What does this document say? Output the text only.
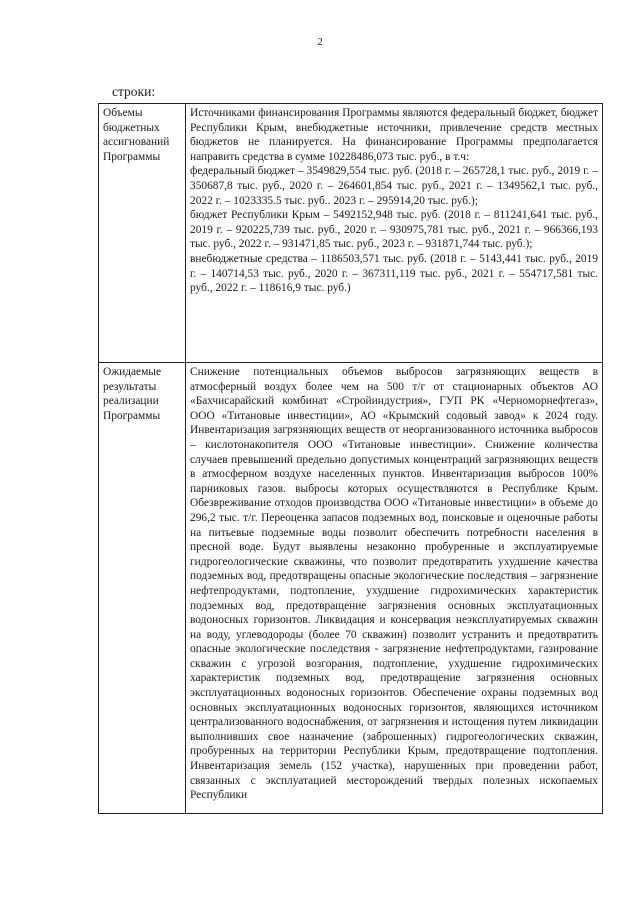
2
строки:
Объемы бюджетных ассигнований Программы	Источниками финансирования Программы являются федеральный бюджет, бюджет Республики Крым, внебюджетные источники, привлечение средств местных бюджетов не планируется. На финансирование Программы предполагается направить средства в сумме 10228486,073 тыс. руб., в т.ч:

федеральный бюджет – 3549829,554 тыс. руб. (2018 г. – 265728,1 тыс. руб., 2019 г. – 350687,8 тыс. руб., 2020 г. – 264601,854 тыс. руб., 2021 г. – 1349562,1 тыс. руб., 2022 г. – 1023335.5 тыс. руб.. 2023 г. – 295914,20 тыс. руб.);

бюджет Республики Крым – 5492152,948 тыс. руб. (2018 г. – 811241,641 тыс. руб., 2019 г. – 920225,739 тыс. руб., 2020 г. – 930975,781 тыс. руб., 2021 г. – 966366,193 тыс. руб., 2022 г. – 931471,85 тыс. руб., 2023 г. – 931871,744 тыс. руб.);

внебюджетные средства – 1186503,571 тыс. руб. (2018 г. – 5143,441 тыс. руб., 2019 г. – 140714,53 тыс. руб., 2020 г. – 367311,119 тыс. руб., 2021 г. – 554717,581 тыс. руб., 2022 г. – 118616,9 тыс. руб.)

Ожидаемые результаты реализации Программы	Снижение потенциальных объемов выбросов загрязняющих веществ в атмосферный воздух более чем на 500 т/г от стационарных объектов АО «Бахчисарайский комбинат «Стройиндустрия», ГУП РК «Черноморнефтегаз», ООО «Титановые инвестиции», АО «Крымский содовый завод» к 2024 году. Инвентаризация загрязняющих веществ от неорганизованного источника выбросов – кислотонакопителя ООО «Титановые инвестиции». Снижение количества случаев превышений предельно допустимых концентраций загрязняющих веществ в атмосферном воздухе населенных пунктов. Инвентаризация выбросов 100% парниковых газов. выбросы которых осуществляются в Республике Крым. Обезвреживание отходов производства ООО «Титановые инвестиции» в объеме до 296,2 тыс. т/г. Переоценка запасов подземных вод, поисковые и оценочные работы на питьевые подземные воды позволит обеспечить потребности населения в пресной воде. Будут выявлены незаконно пробуренные и эксплуатируемые гидрогеологические скважины, что позволит предотвратить ухудшение качества подземных вод, предотвращены опасные экологические последствия – загрязнение нефтепродуктами, подтопление, ухудшение гидрохимических характеристик подземных вод, предотвращение загрязнения основных эксплуатационных водоносных горизонтов. Ликвидация и консервация неэксплуатируемых скважин на воду, углеводороды (более 70 скважин) позволит устранить и предотвратить опасные экологические последствия - загрязнение нефтепродуктами, газирование скважин с угрозой возгорания, подтопление, ухудшение гидрохимических характеристик подземных вод, предотвращение загрязнения основных эксплуатационных водоносных горизонтов. Обеспечение охраны подземных вод основных эксплуатационных водоносных горизонтов, являющихся источником централизованного водоснабжения, от загрязнения и истощения путем ликвидации выполнивших свое назначение (заброшенных) гидрогеологических скважин, пробуренных на территории Республики Крым, предотвращение подтопления. Инвентаризация земель (152 участка), нарушенных при проведении работ, связанных с эксплуатацией месторождений твердых полезных ископаемых Республики
